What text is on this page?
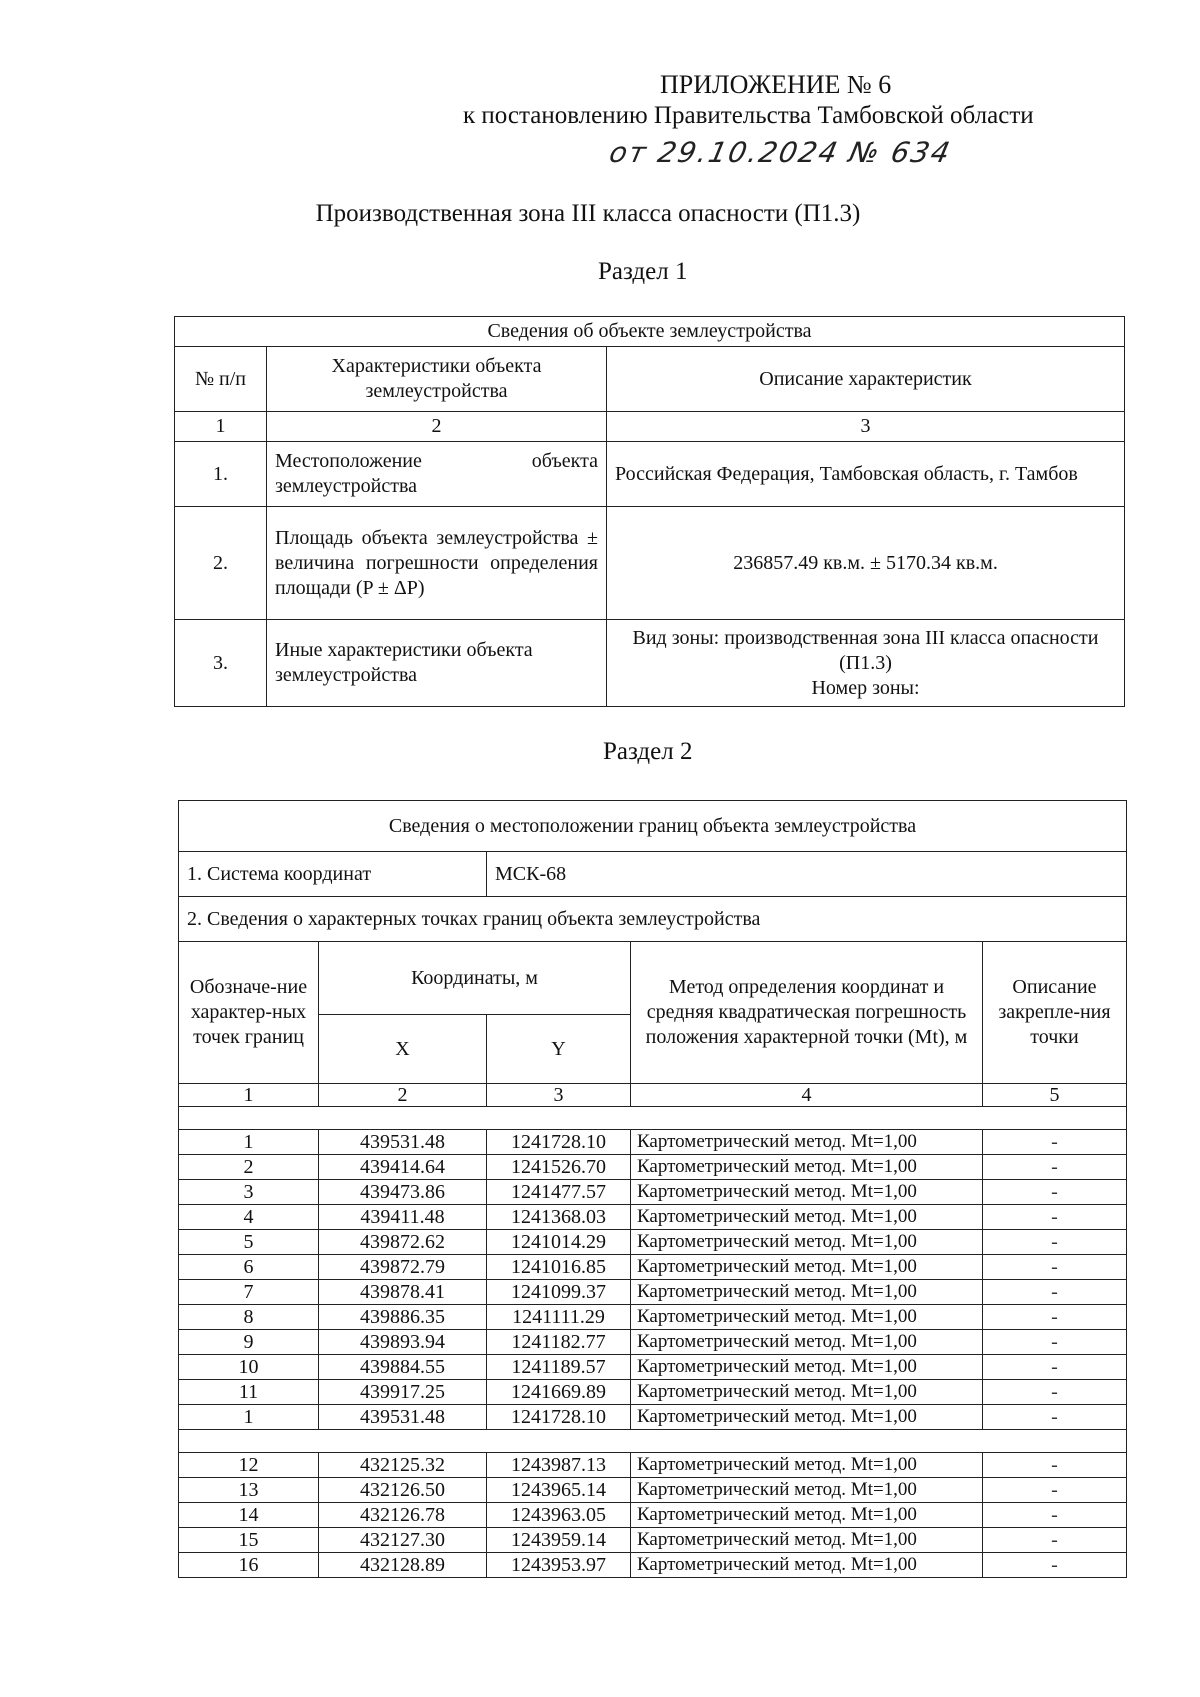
ПРИЛОЖЕНИЕ № 6
к постановлению Правительства Тамбовской области
от 29.10.2024 № 634
Производственная зона III класса опасности (П1.3)
Раздел 1
Сведения об объекте землеустройства		
№ п/п	Характеристики объекта землеустройства	Описание характеристик
1	2	3
1.	Местоположение объекта землеустройства	Российская Федерация, Тамбовская область, г. Тамбов
2.	Площадь объекта землеустройства ± величина погрешности определения площади (P ± ΔP)	236857.49 кв.м. ± 5170.34 кв.м.
3.	Иные характеристики объекта землеустройства	Вид зоны: производственная зона III класса опасности (П1.3)
Номер зоны:
Раздел 2
Сведения о местоположении границ объекта землеустройства				
1. Система координат		МСК-68		
2. Сведения о характерных точках границ объекта землеустройства				
Обозначе-ние характер-ных точек границ	Координаты, м		Метод определения координат и средняя квадратическая погрешность положения характерной точки (Mt), м	Описание закрепле-ния точки
	X	Y		
1	2	3	4	5

1	439531.48	1241728.10	Картометрический метод. Mt=1,00	-
2	439414.64	1241526.70	Картометрический метод. Mt=1,00	-
3	439473.86	1241477.57	Картометрический метод. Mt=1,00	-
4	439411.48	1241368.03	Картометрический метод. Mt=1,00	-
5	439872.62	1241014.29	Картометрический метод. Mt=1,00	-
6	439872.79	1241016.85	Картометрический метод. Mt=1,00	-
7	439878.41	1241099.37	Картометрический метод. Mt=1,00	-
8	439886.35	1241111.29	Картометрический метод. Mt=1,00	-
9	439893.94	1241182.77	Картометрический метод. Mt=1,00	-
10	439884.55	1241189.57	Картометрический метод. Mt=1,00	-
11	439917.25	1241669.89	Картометрический метод. Mt=1,00	-
1	439531.48	1241728.10	Картометрический метод. Mt=1,00	-

12	432125.32	1243987.13	Картометрический метод. Mt=1,00	-
13	432126.50	1243965.14	Картометрический метод. Mt=1,00	-
14	432126.78	1243963.05	Картометрический метод. Mt=1,00	-
15	432127.30	1243959.14	Картометрический метод. Mt=1,00	-
16	432128.89	1243953.97	Картометрический метод. Mt=1,00	-
